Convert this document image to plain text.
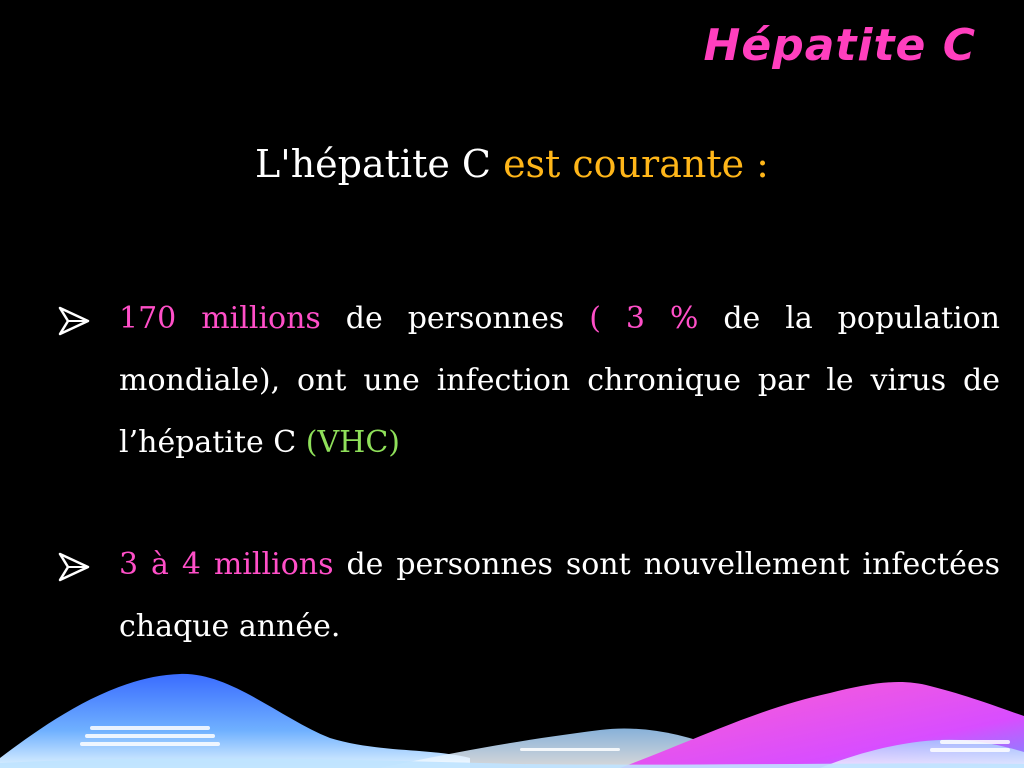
Hépatite C
L'hépatite C est courante :
170 millions de personnes ( 3 % de la population mondiale), ont une infection chronique par le virus de l’hépatite C (VHC)
3 à 4 millions de personnes sont nouvellement infectées chaque année.
